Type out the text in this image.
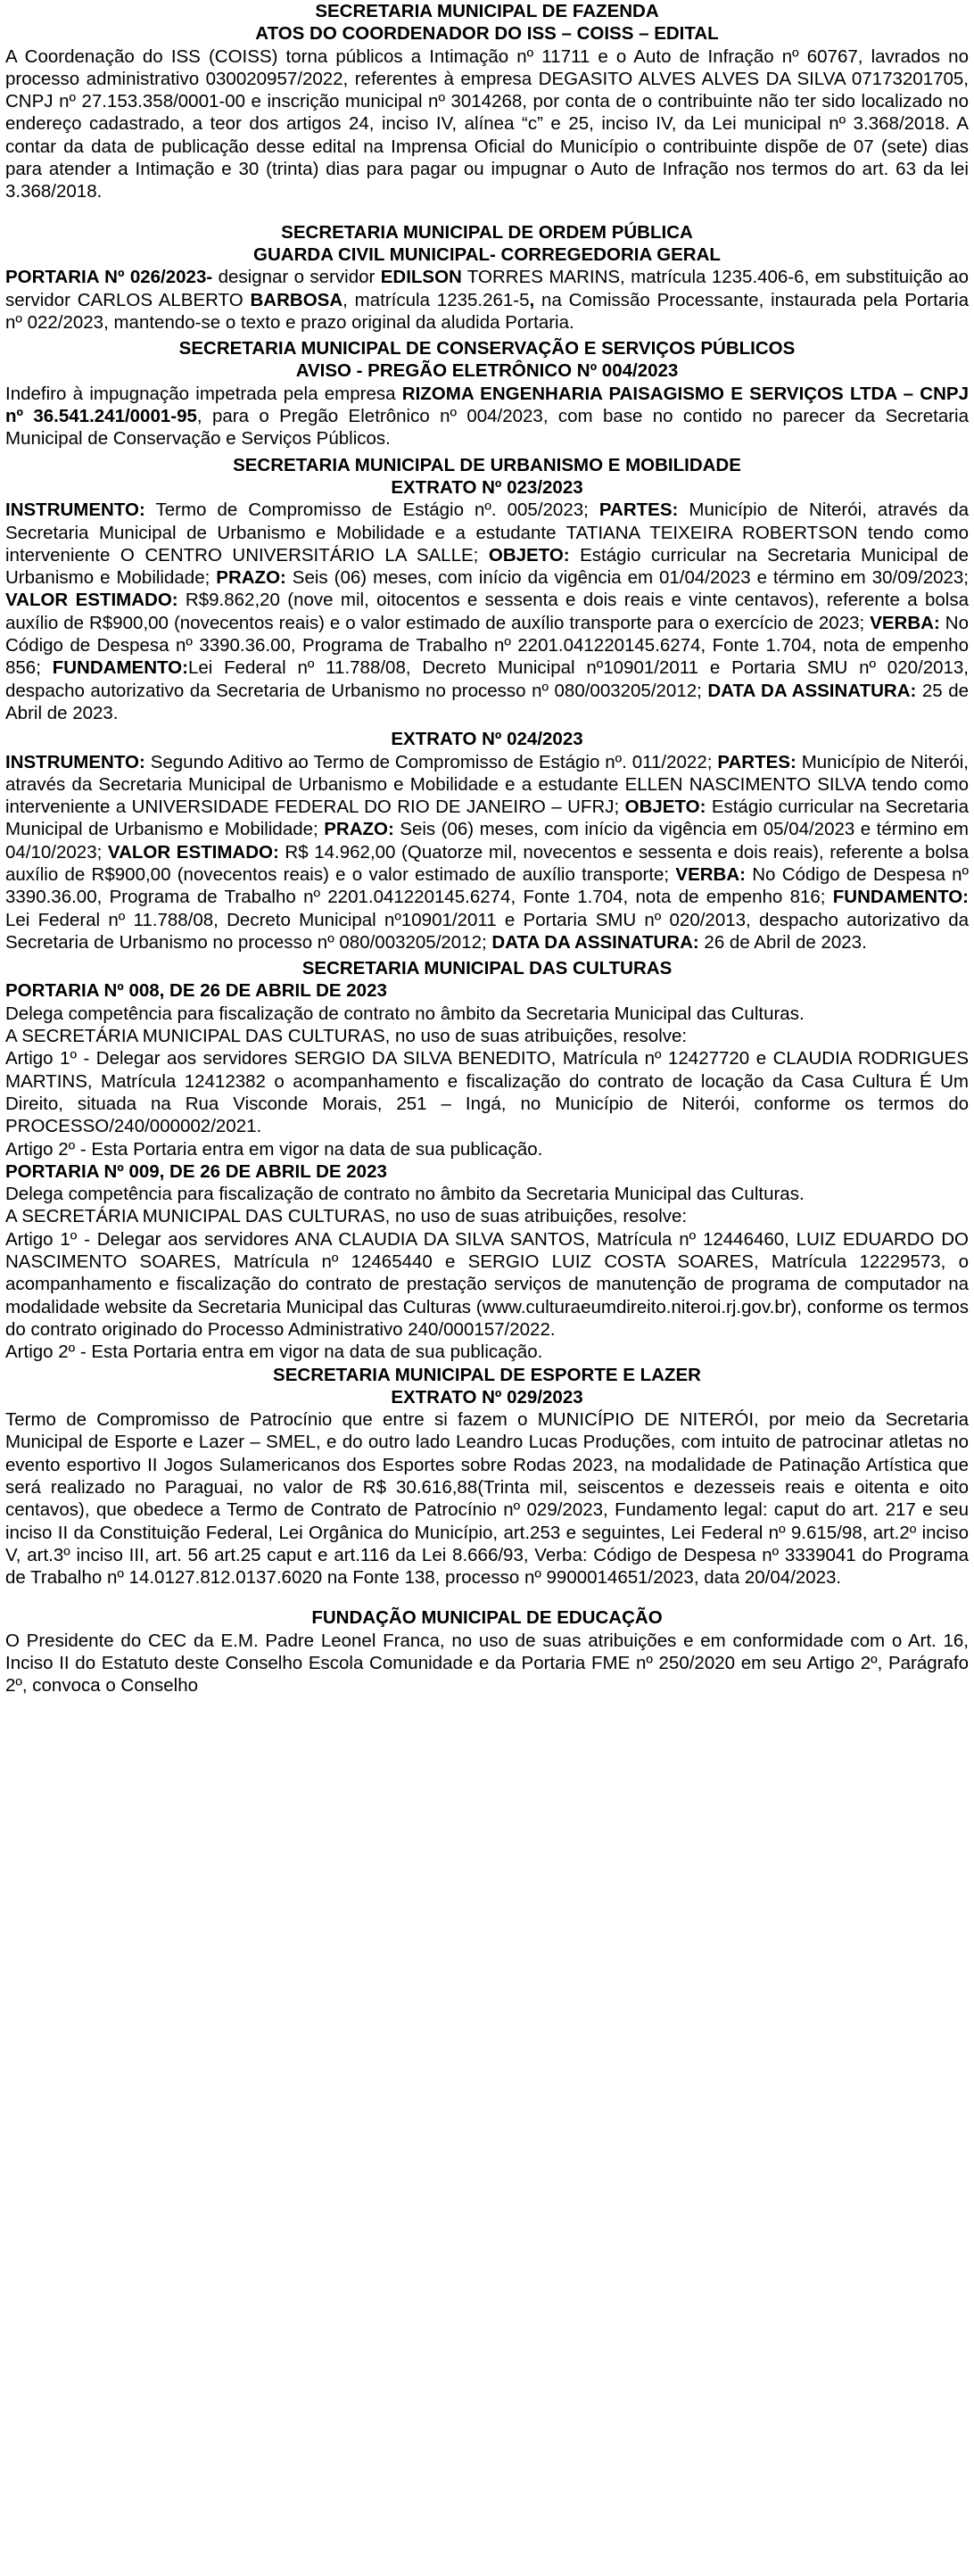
SECRETARIA MUNICIPAL DE FAZENDA
ATOS DO COORDENADOR DO ISS – COISS – EDITAL
A Coordenação do ISS (COISS) torna públicos a Intimação nº 11711 e o Auto de Infração nº 60767, lavrados no processo administrativo 030020957/2022, referentes à empresa DEGASITO ALVES ALVES DA SILVA 07173201705, CNPJ nº 27.153.358/0001-00 e inscrição municipal nº 3014268, por conta de o contribuinte não ter sido localizado no endereço cadastrado, a teor dos artigos 24, inciso IV, alínea “c” e 25, inciso IV, da Lei municipal nº 3.368/2018. A contar da data de publicação desse edital na Imprensa Oficial do Município o contribuinte dispõe de 07 (sete) dias para atender a Intimação e 30 (trinta) dias para pagar ou impugnar o Auto de Infração nos termos do art. 63 da lei 3.368/2018.
SECRETARIA MUNICIPAL DE ORDEM PÚBLICA
GUARDA CIVIL MUNICIPAL- CORREGEDORIA GERAL
PORTARIA Nº 026/2023- designar o servidor EDILSON TORRES MARINS, matrícula 1235.406-6, em substituição ao servidor CARLOS ALBERTO BARBOSA, matrícula 1235.261-5, na Comissão Processante, instaurada pela Portaria nº 022/2023, mantendo-se o texto e prazo original da aludida Portaria.
SECRETARIA MUNICIPAL DE CONSERVAÇÃO E SERVIÇOS PÚBLICOS
AVISO - PREGÃO ELETRÔNICO Nº 004/2023
Indefiro à impugnação impetrada pela empresa RIZOMA ENGENHARIA PAISAGISMO E SERVIÇOS LTDA – CNPJ nº 36.541.241/0001-95, para o Pregão Eletrônico nº 004/2023, com base no contido no parecer da Secretaria Municipal de Conservação e Serviços Públicos.
SECRETARIA MUNICIPAL DE URBANISMO E MOBILIDADE
EXTRATO Nº 023/2023
INSTRUMENTO: Termo de Compromisso de Estágio nº. 005/2023; PARTES: Município de Niterói, através da Secretaria Municipal de Urbanismo e Mobilidade e a estudante TATIANA TEIXEIRA ROBERTSON tendo como interveniente O CENTRO UNIVERSITÁRIO LA SALLE; OBJETO: Estágio curricular na Secretaria Municipal de Urbanismo e Mobilidade; PRAZO: Seis (06) meses, com início da vigência em 01/04/2023 e término em 30/09/2023; VALOR ESTIMADO: R$9.862,20 (nove mil, oitocentos e sessenta e dois reais e vinte centavos), referente a bolsa auxílio de R$900,00 (novecentos reais) e o valor estimado de auxílio transporte para o exercício de 2023; VERBA: No Código de Despesa nº 3390.36.00, Programa de Trabalho nº 2201.041220145.6274, Fonte 1.704, nota de empenho 856; FUNDAMENTO:Lei Federal nº 11.788/08, Decreto Municipal nº10901/2011 e Portaria SMU nº 020/2013, despacho autorizativo da Secretaria de Urbanismo no processo nº 080/003205/2012; DATA DA ASSINATURA: 25 de Abril de 2023.
EXTRATO Nº 024/2023
INSTRUMENTO: Segundo Aditivo ao Termo de Compromisso de Estágio nº. 011/2022; PARTES: Município de Niterói, através da Secretaria Municipal de Urbanismo e Mobilidade e a estudante ELLEN NASCIMENTO SILVA tendo como interveniente a UNIVERSIDADE FEDERAL DO RIO DE JANEIRO – UFRJ; OBJETO: Estágio curricular na Secretaria Municipal de Urbanismo e Mobilidade; PRAZO: Seis (06) meses, com início da vigência em 05/04/2023 e término em 04/10/2023; VALOR ESTIMADO: R$ 14.962,00 (Quatorze mil, novecentos e sessenta e dois reais), referente a bolsa auxílio de R$900,00 (novecentos reais) e o valor estimado de auxílio transporte; VERBA: No Código de Despesa nº 3390.36.00, Programa de Trabalho nº 2201.041220145.6274, Fonte 1.704, nota de empenho 816; FUNDAMENTO: Lei Federal nº 11.788/08, Decreto Municipal nº10901/2011 e Portaria SMU nº 020/2013, despacho autorizativo da Secretaria de Urbanismo no processo nº 080/003205/2012; DATA DA ASSINATURA: 26 de Abril de 2023.
SECRETARIA MUNICIPAL DAS CULTURAS
PORTARIA Nº 008, DE 26 DE ABRIL DE 2023
Delega competência para fiscalização de contrato no âmbito da Secretaria Municipal das Culturas.
A SECRETÁRIA MUNICIPAL DAS CULTURAS, no uso de suas atribuições, resolve:
Artigo 1º - Delegar aos servidores SERGIO DA SILVA BENEDITO, Matrícula nº 12427720 e CLAUDIA RODRIGUES MARTINS, Matrícula 12412382 o acompanhamento e fiscalização do contrato de locação da Casa Cultura É Um Direito, situada na Rua Visconde Morais, 251 – Ingá, no Município de Niterói, conforme os termos do PROCESSO/240/000002/2021.
Artigo 2º - Esta Portaria entra em vigor na data de sua publicação.
PORTARIA Nº 009, DE 26 DE ABRIL DE 2023
Delega competência para fiscalização de contrato no âmbito da Secretaria Municipal das Culturas.
A SECRETÁRIA MUNICIPAL DAS CULTURAS, no uso de suas atribuições, resolve:
Artigo 1º - Delegar aos servidores ANA CLAUDIA DA SILVA SANTOS, Matrícula nº 12446460, LUIZ EDUARDO DO NASCIMENTO SOARES, Matrícula nº 12465440 e SERGIO LUIZ COSTA SOARES, Matrícula 12229573, o acompanhamento e fiscalização do contrato de prestação serviços de manutenção de programa de computador na modalidade website da Secretaria Municipal das Culturas (www.culturaeumdireito.niteroi.rj.gov.br), conforme os termos do contrato originado do Processo Administrativo 240/000157/2022.
Artigo 2º - Esta Portaria entra em vigor na data de sua publicação.
SECRETARIA MUNICIPAL DE ESPORTE E LAZER
EXTRATO Nº 029/2023
Termo de Compromisso de Patrocínio que entre si fazem o MUNICÍPIO DE NITERÓI, por meio da Secretaria Municipal de Esporte e Lazer – SMEL, e do outro lado Leandro Lucas Produções, com intuito de patrocinar atletas no evento esportivo II Jogos Sulamericanos dos Esportes sobre Rodas 2023, na modalidade de Patinação Artística que será realizado no Paraguai, no valor de R$ 30.616,88(Trinta mil, seiscentos e dezesseis reais e oitenta e oito centavos), que obedece a Termo de Contrato de Patrocínio nº 029/2023, Fundamento legal: caput do art. 217 e seu inciso II da Constituição Federal, Lei Orgânica do Município, art.253 e seguintes, Lei Federal nº 9.615/98, art.2º inciso V, art.3º inciso III, art. 56 art.25 caput e art.116 da Lei 8.666/93, Verba: Código de Despesa nº 3339041 do Programa de Trabalho nº 14.0127.812.0137.6020 na Fonte 138, processo nº 9900014651/2023, data 20/04/2023.
FUNDAÇÃO MUNICIPAL DE EDUCAÇÃO
O Presidente do CEC da E.M. Padre Leonel Franca, no uso de suas atribuições e em conformidade com o Art. 16, Inciso II do Estatuto deste Conselho Escola Comunidade e da Portaria FME nº 250/2020 em seu Artigo 2º, Parágrafo 2º, convoca o Conselho
